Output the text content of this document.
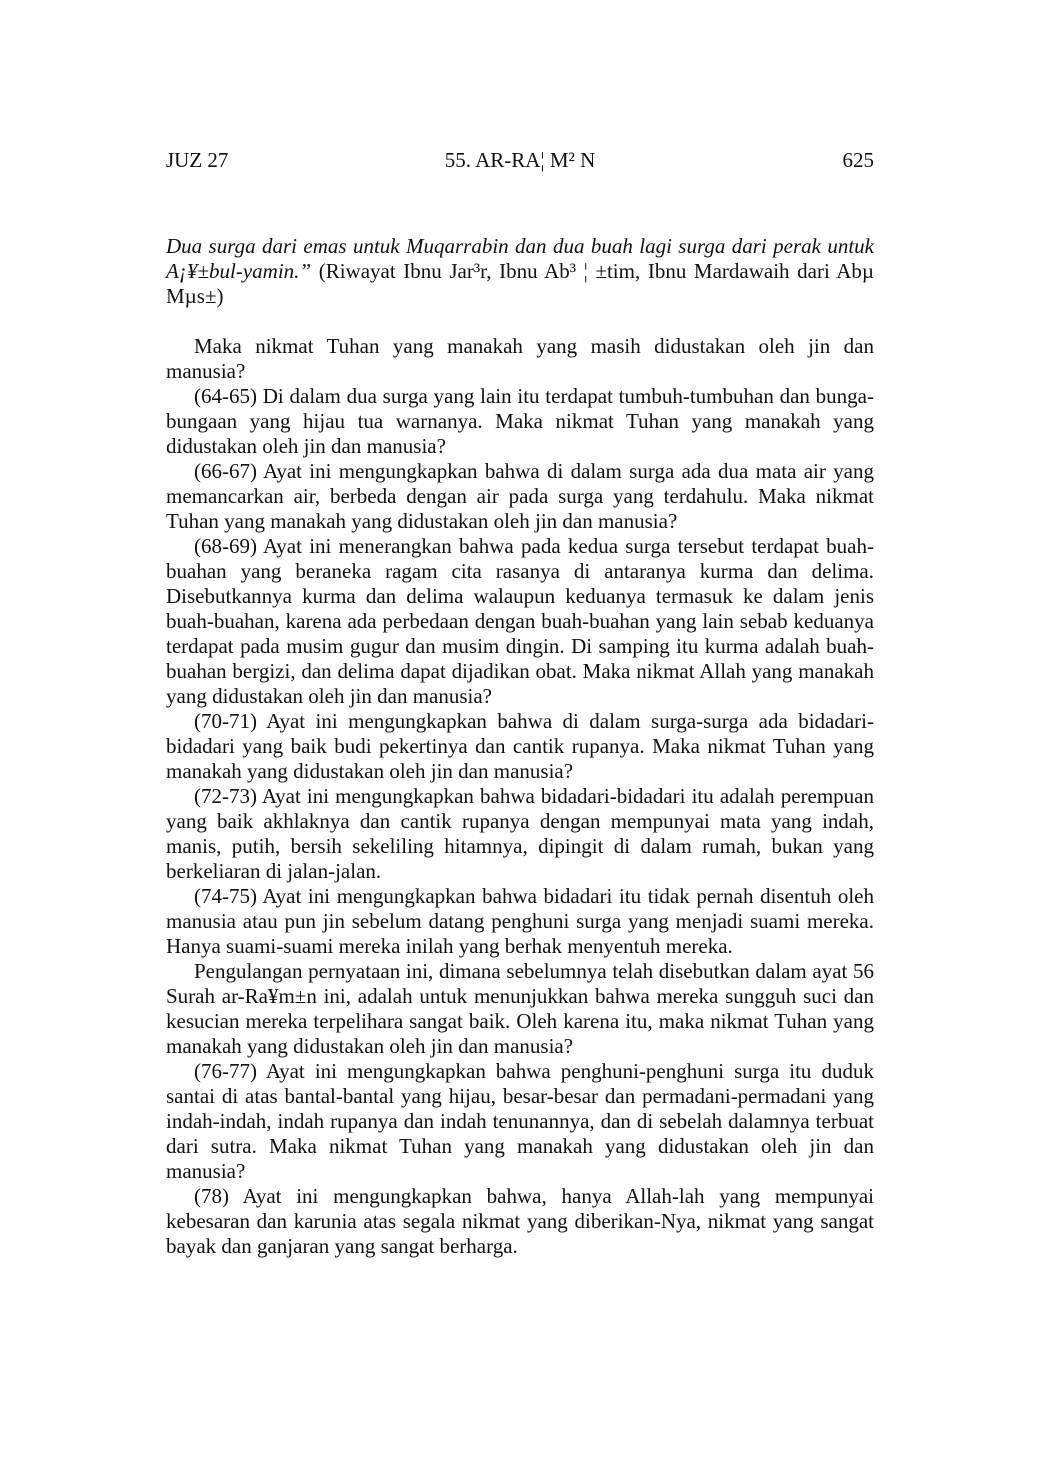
JUZ 27	55. AR-RA¦ M² N	625

Dua surga dari emas untuk Muqarrabin dan dua buah lagi surga dari perak untuk A¡¥±bul-yamin.” (Riwayat Ibnu Jar³r, Ibnu Ab³ ¦ ±tim, Ibnu Mardawaih dari Abµ Mµs±)

Maka nikmat Tuhan yang manakah yang masih didustakan oleh jin dan manusia?

(64-65) Di dalam dua surga yang lain itu terdapat tumbuh-tumbuhan dan bunga-bungaan yang hijau tua warnanya. Maka nikmat Tuhan yang manakah yang didustakan oleh jin dan manusia?

(66-67) Ayat ini mengungkapkan bahwa di dalam surga ada dua mata air yang memancarkan air, berbeda dengan air pada surga yang terdahulu. Maka nikmat Tuhan yang manakah yang didustakan oleh jin dan manusia?

(68-69) Ayat ini menerangkan bahwa pada kedua surga tersebut terdapat buah-buahan yang beraneka ragam cita rasanya di antaranya kurma dan delima. Disebutkannya kurma dan delima walaupun keduanya termasuk ke dalam jenis buah-buahan, karena ada perbedaan dengan buah-buahan yang lain sebab keduanya terdapat pada musim gugur dan musim dingin. Di samping itu kurma adalah buah-buahan bergizi, dan delima dapat dijadikan obat. Maka nikmat Allah yang manakah yang didustakan oleh jin dan manusia?

(70-71) Ayat ini mengungkapkan bahwa di dalam surga-surga ada bidadari-bidadari yang baik budi pekertinya dan cantik rupanya. Maka nikmat Tuhan yang manakah yang didustakan oleh jin dan manusia?

(72-73) Ayat ini mengungkapkan bahwa bidadari-bidadari itu adalah perempuan yang baik akhlaknya dan cantik rupanya dengan mempunyai mata yang indah, manis, putih, bersih sekeliling hitamnya, dipingit di dalam rumah, bukan yang berkeliaran di jalan-jalan.

(74-75) Ayat ini mengungkapkan bahwa bidadari itu tidak pernah disentuh oleh manusia atau pun jin sebelum datang penghuni surga yang menjadi suami mereka. Hanya suami-suami mereka inilah yang berhak menyentuh mereka.

Pengulangan pernyataan ini, dimana sebelumnya telah disebutkan dalam ayat 56 Surah ar-Ra¥m±n ini, adalah untuk menunjukkan bahwa mereka sungguh suci dan kesucian mereka terpelihara sangat baik. Oleh karena itu, maka nikmat Tuhan yang manakah yang didustakan oleh jin dan manusia?

(76-77) Ayat ini mengungkapkan bahwa penghuni-penghuni surga itu duduk santai di atas bantal-bantal yang hijau, besar-besar dan permadani-permadani yang indah-indah, indah rupanya dan indah tenunannya, dan di sebelah dalamnya terbuat dari sutra. Maka nikmat Tuhan yang manakah yang didustakan oleh jin dan manusia?

(78) Ayat ini mengungkapkan bahwa, hanya Allah-lah yang mempunyai kebesaran dan karunia atas segala nikmat yang diberikan-Nya, nikmat yang sangat bayak dan ganjaran yang sangat berharga.
